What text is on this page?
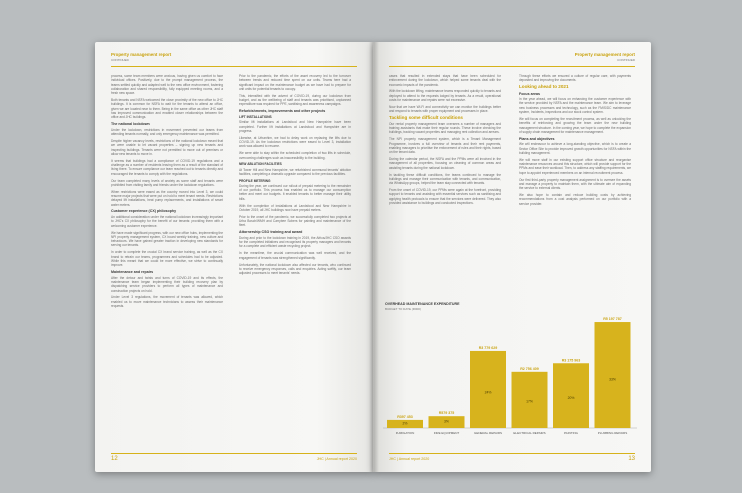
Property management report
CONTINUED

process, some team members were anxious, having given us comfort to face individual offices. Positively, due to the prompt management process, the teams settled quickly and adapted well to the new office environment, fostering collaboration and shared responsibility, fully equipped meeting rooms, and a fresh new space.

Both tenants and NSFA welcomed the close proximity of the new office to JHC buildings. It is common for NSFA to wait for the tenants to attend an office, given we are located near to them. Being in the same office as other JHC staff has improved communication and enabled closer relationships between the office and JHC buildings.

The national lockdown

Under the lockdown, restrictions in movement prevented our teams from attending tenants normally, and only emergency maintenance was permitted.

Despite higher vacancy levels, restrictions of the national lockdown meant that we were unable to let vacant properties – signing up new tenants and inspecting buildings. Tenants were not permitted to move out of premises or allow new tenants to move in.

It seems that buildings had a compliance of COVID-19 regulations and a challenge as a number of residents leaving them as a result of the standard of living there. To ensure compliance our team reached out to tenants directly and encouraged the tenants to comply with the regulations.

Our team completed many levels of anxiety as some staff and tenants were prohibited from visiting family and friends under the lockdown regulations.

When restrictions were eased as the country moved into Level 3, we could resume major projects that were put on hold to meet tenant needs. Restrictions delayed lift installations, heat pump replacements, and installations of smart water meters.

Customer experience (CX) philosophy

An additional consideration under the national lockdown increasingly important to JHC's CX philosophy for the benefit of our tenants: providing them with a welcoming customer experience.

We have made significant progress, with our new office hubs, implementing the NPI property management system, CX board weekly training, new culture and behaviours. We have gained greater traction in developing new standards for serving our tenants.

In order to complete the crucial CX brand service training, as well as the CX brand to retrain our teams, programmes and schedules had to be adjusted. While this meant that we could be more effective, we strive to continually improve.

Maintenance and repairs

After the detour and twists and turns of COVID-19 and its effects, the maintenance team began implementing their building recovery plan by dispatching service providers to perform all types of maintenance and construction projects on hold.

Under Level 3 regulations, the movement of tenants was allowed, which enabled us to move maintenance technicians to assess their maintenance requests.

Prior to the pandemic, the efforts of the asset recovery led to the turnover between trends and reduced time spent on our units. Teams here had a significant impact on the maintenance budget as we have had to prepare for unit units for potential tenants to occupy.

This, intensified with the advent of COVID-19, during our lockdown from budget, and as the wellbeing of staff and tenants was prioritised, unplanned expenditure was required for PPE, sanitising and awareness campaigns.

Refurbishments, improvements and other projects
LIFT INSTALLATIONS

Similar lift installations at Landsfood and New Hampshire have been completed. Further lift installations at Landsfood and Hampshire are in progress.

Likewise, at Urbanhim, we had to delay work on replacing the lifts due to COVID-19. As the lockdown restrictions were eased to Level 3, installation work was allowed to resume.

We were able to stay within the scheduled completion of two lifts in schedule, overcoming challenges such as inaccessibility to the building.

NEW ABLUTION FACILITIES

At Tower Hill and New Hampshire, we refurbished communal tenants' ablution facilities, completing a dramatic upgrade compared to the previous facilities.

PROFILE METERING

During the year, we continued our rollout of prepaid metering to the remainder of our portfolio. This process has enabled us to manage our consumption better and meet our budgets. It enabled tenants to better manage their utility bills.

With the completion of installations at Landsfood and New Hampshire in October 2019, all JHC buildings now have prepaid meters.

Prior to the onset of the pandemic, we successfully completed two projects at Urba Bosch/WMH and Carrybee Sobers for painting and maintenance of the fleet.

Attornership CSO training and award

During and prior to the lockdown training in 2019, the Africa/JHC CSO awards for the completed initiatives and recognised its property managers and tenants for a complete and efficient waste recycling project.

In the meantime, the crucial communication was well received, and the engagement of tenants was strengthened significantly.

Unfortunately, the national lockdown also affected our tenants, who continued to receive emergency responses, calls and enquiries. Acting swiftly, our team adjusted processes to meet tenants' needs.

12	JHC | Annual report 2020
Property management report
CONTINUED

cases that resulted in extended stays that have been scheduled for enforcement during the lockdown, which helped some tenants deal with the economic impacts of the pandemic.

With the lockdown lifting, maintenance teams responded quickly to tenants and deployed to attend to the requests lodged by tenants. As a result, operational costs for maintenance and repairs were not excessive.

Now that we have Wi-Fi and connectivity we can monitor the buildings better and respond to tenants with proper equipment and processes in place.

Tackling some difficult conditions

Our rental property management team oversees a number of managers and training assistants that make their regular rounds. These involve checking the buildings, tracking vacant properties and managing rent collection and arrears.

The NPI property management system, which is a Tenant Management Programme, involves a full overview of tenants and their rent payments, enabling managers to prioritise the enforcement of rules and their rights, based on the tenant data.

During the calendar period, the NSFA and the PPMs were all involved in the management of all properties, focusing on cleaning of common areas and assisting tenants during the national lockdown.

In tackling these difficult conditions, the teams continued to manage the buildings and manage their communication with tenants, and communication, via WhatsApp groups, helped the team stay connected with tenants.

From the onset of COVID-19, our PPMs were again at the forefront, providing support to tenants and assisting with essential services such as sanitising and applying health protocols to ensure that the services were delivered. They also provided assistance to buildings and conducted inspections.

Through these efforts we ensured a culture of regular care, with payments deposited and improving the documents.

Looking ahead to 2021
Focus areas

In the year ahead, we will focus on enhancing the customer experience with the service provided by NSFA and the maintenance team. We aim to leverage new business processes and technology, such as the FMIS/DC maintenance system, Incidents, inspections and our stock control system.

We will focus on completing the recruitment process, as well as unlocking the benefits of reinforcing and growing the team under the new building management structure. In the coming year, we hope to complete the expansion of supply chain management for maintenance management.

Plans and objectives

We will endeavour to achieve a long-standing objective, which is to create a Sector Office Site to provide improved growth opportunities for NSFA within the building management.

We will move staff in our existing support office structure and reorganise maintenance resources around this structure, which will provide support for the PPMs and ease their workload. Then, to address any staffing requirements, we hope to appoint experienced members on an internal recruitment process.

Our first third-party property management assignment is to oversee the assets and manage a property to maintain them, with the ultimate aim of expanding the service to external clients.

We also hope to contain and reduce building costs by achieving recommendations from a cost analysis performed on our portfolio with a service provider.

OVERHEAD MAINTENANCE EXPENDITURE
BUDGET TO DATE (R000)
R397 453
2%
FUMIGATION
R579 375
3%
FIRE EQUIPMENT
R3 779 629
24%
GENERAL REPAIRS
R2 756 409
17%
ELECTRICAL REPAIRS
R3 175 963
20%
PAINTING
R5 197 787
33%
PLUMBING REPAIRS
13
JHC | Annual report 2020
